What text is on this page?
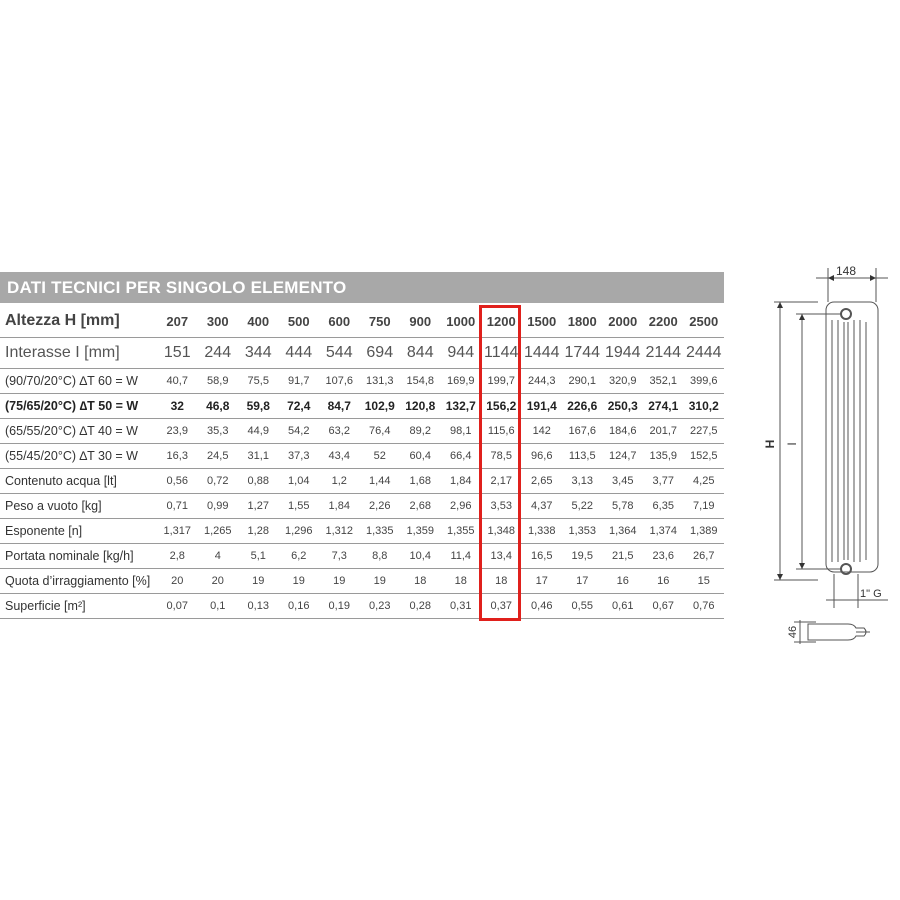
DATI TECNICI PER SINGOLO ELEMENTO
Altezza H [mm]	207	300	400	500	600	750	900	1000	1200	1500	1800	2000	2200	2500
Interasse I [mm]	151	244	344	444	544	694	844	944	1144	1444	1744	1944	2144	2444
(90/70/20°C) ∆T 60 = W	40,7	58,9	75,5	91,7	107,6	131,3	154,8	169,9	199,7	244,3	290,1	320,9	352,1	399,6
(75/65/20°C) ∆T 50 = W	32	46,8	59,8	72,4	84,7	102,9	120,8	132,7	156,2	191,4	226,6	250,3	274,1	310,2
(65/55/20°C) ∆T 40 = W	23,9	35,3	44,9	54,2	63,2	76,4	89,2	98,1	115,6	142	167,6	184,6	201,7	227,5
(55/45/20°C) ∆T 30 = W	16,3	24,5	31,1	37,3	43,4	52	60,4	66,4	78,5	96,6	113,5	124,7	135,9	152,5
Contenuto acqua [lt]	0,56	0,72	0,88	1,04	1,2	1,44	1,68	1,84	2,17	2,65	3,13	3,45	3,77	4,25
Peso a vuoto [kg]	0,71	0,99	1,27	1,55	1,84	2,26	2,68	2,96	3,53	4,37	5,22	5,78	6,35	7,19
Esponente [n]	1,317	1,265	1,28	1,296	1,312	1,335	1,359	1,355	1,348	1,338	1,353	1,364	1,374	1,389
Portata nominale [kg/h]	2,8	4	5,1	6,2	7,3	8,8	10,4	11,4	13,4	16,5	19,5	21,5	23,6	26,7
Quota d’irraggiamento [%]	20	20	19	19	19	19	18	18	18	17	17	16	16	15
Superficie [m²]	0,07	0,1	0,13	0,16	0,19	0,23	0,28	0,31	0,37	0,46	0,55	0,61	0,67	0,76
148
H I
1" G
46
